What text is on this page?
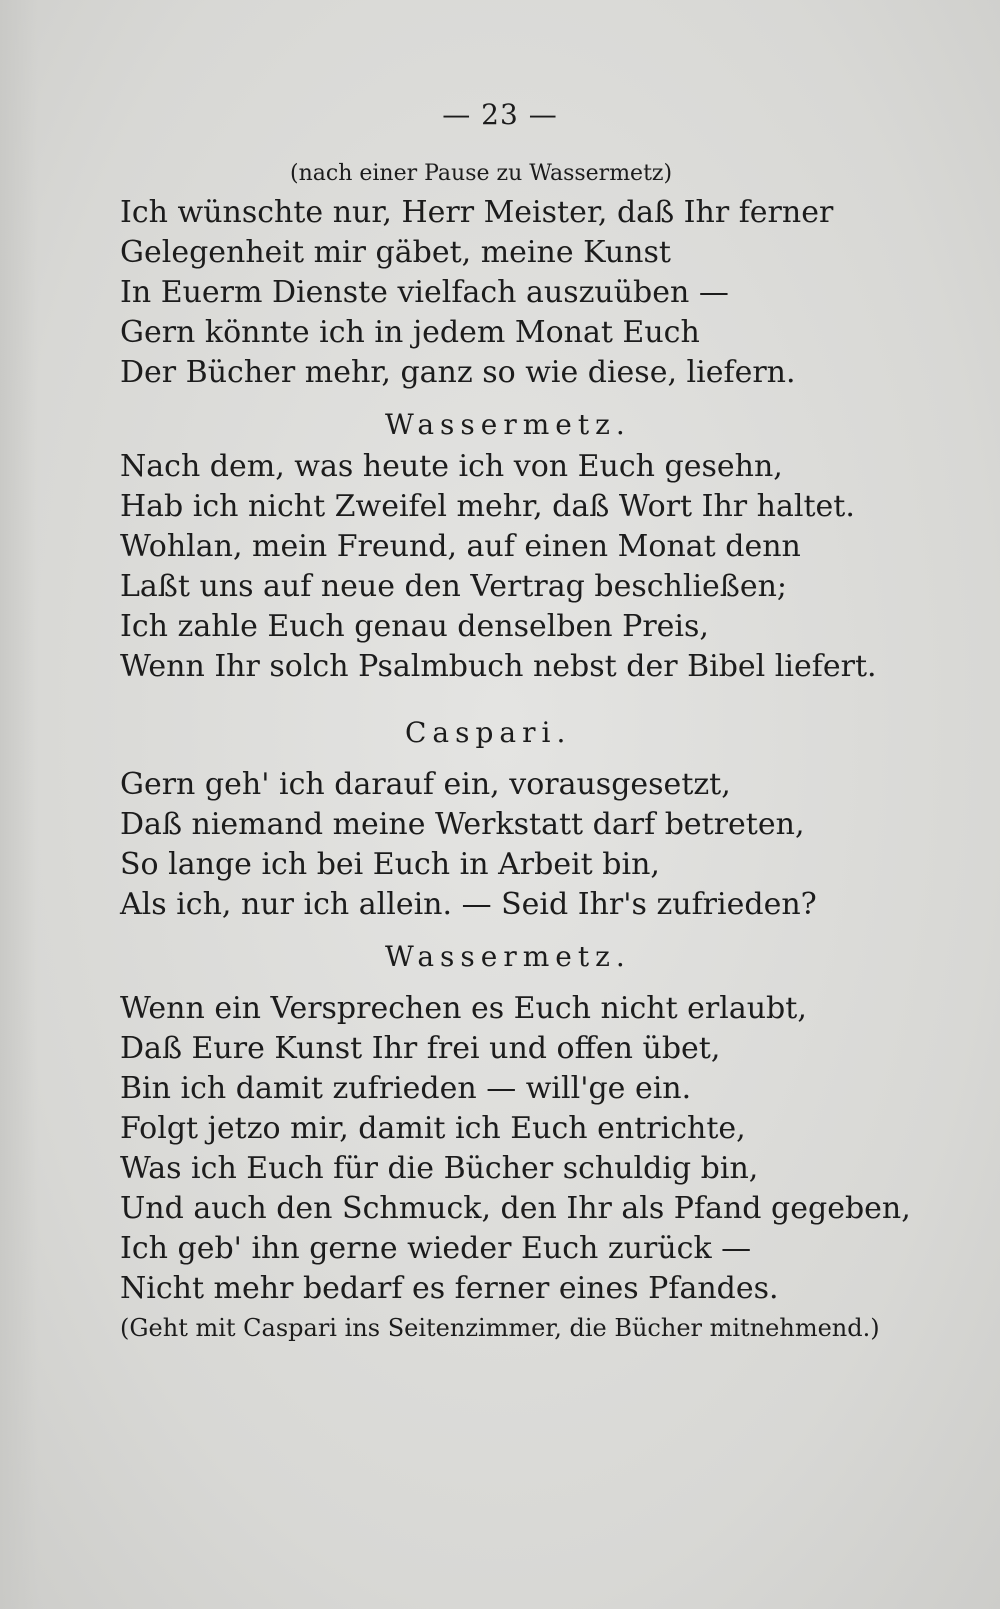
— 23 —
(nach einer Pause zu Wassermetz)
Ich wünschte nur, Herr Meister, daß Ihr ferner
Gelegenheit mir gäbet, meine Kunst
In Euerm Dienste vielfach auszuüben —
Gern könnte ich in jedem Monat Euch
Der Bücher mehr, ganz so wie diese, liefern.
Wassermetz.
Nach dem, was heute ich von Euch gesehn,
Hab ich nicht Zweifel mehr, daß Wort Ihr haltet.
Wohlan, mein Freund, auf einen Monat denn
Laßt uns auf neue den Vertrag beschließen;
Ich zahle Euch genau denselben Preis,
Wenn Ihr solch Psalmbuch nebst der Bibel liefert.
Caspari.
Gern geh' ich darauf ein, vorausgesetzt,
Daß niemand meine Werkstatt darf betreten,
So lange ich bei Euch in Arbeit bin,
Als ich, nur ich allein. — Seid Ihr's zufrieden?
Wassermetz.
Wenn ein Versprechen es Euch nicht erlaubt,
Daß Eure Kunst Ihr frei und offen übet,
Bin ich damit zufrieden — will'ge ein.
Folgt jetzo mir, damit ich Euch entrichte,
Was ich Euch für die Bücher schuldig bin,
Und auch den Schmuck, den Ihr als Pfand gegeben,
Ich geb' ihn gerne wieder Euch zurück —
Nicht mehr bedarf es ferner eines Pfandes.
(Geht mit Caspari ins Seitenzimmer, die Bücher mitnehmend.)
